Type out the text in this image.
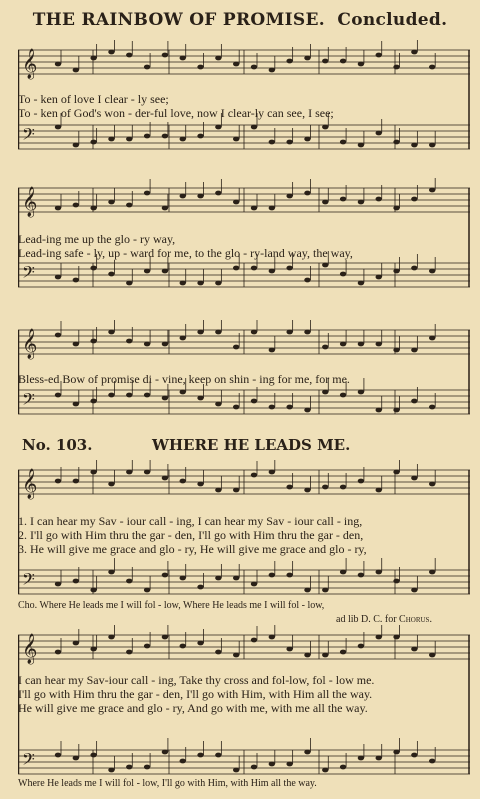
THE RAINBOW OF PROMISE. Concluded.
𝄞
𝄢
To - ken of love I clear - ly see;
To - ken of God's won - der-ful love, now I clear-ly can see, I see;
𝄞
𝄢
Lead-ing me up the glo - ry way,
Lead-ing safe - ly, up - ward for me, to the glo - ry-land way, the way,
𝄞
𝄢
Bless-ed Bow of promise di - vine, keep on shin - ing for me, for me.
No. 103.	WHERE HE LEADS ME.
𝄞
𝄢
1. I can hear my Sav - iour call - ing, I can hear my Sav - iour call - ing,
2. I'll go with Him thru the gar - den, I'll go with Him thru the gar - den,
3. He will give me grace and glo - ry, He will give me grace and glo - ry,
Cho. Where He leads me I will fol - low, Where He leads me I will fol - low,
ad lib D. C. for Chorus.
𝄞
𝄢
I can hear my Sav-iour call - ing, Take thy cross and fol-low, fol - low me.
I'll go with Him thru the gar - den, I'll go with Him, with Him all the way.
He will give me grace and glo - ry, And go with me, with me all the way.
Where He leads me I will fol - low, I'll go with Him, with Him all the way.
